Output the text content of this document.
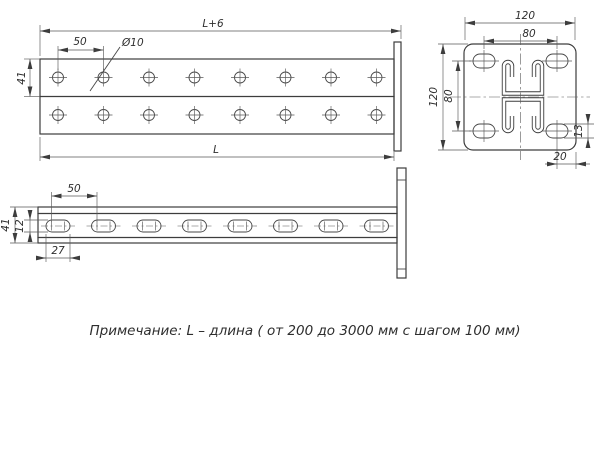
L+6
50	Ø10
41
L
120
80
120 80
13
20
50
41 12
27
Примечание: L – длина ( от 200 до 3000 мм с шагом 100 мм)
